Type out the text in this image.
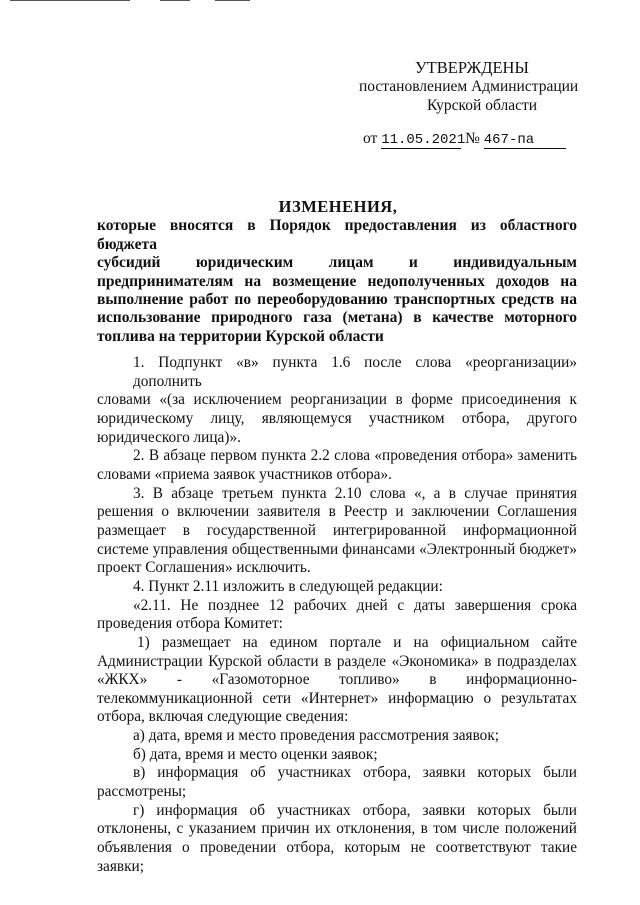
УТВЕРЖДЕНЫ
постановлением Администрации
Курской области
от 11.05.2021 № 467-па
ИЗМЕНЕНИЯ,
которые вносятся в Порядок предоставления из областного бюджета
субсидий юридическим лицам и индивидуальным
предпринимателям на возмещение недополученных доходов на
выполнение работ по переоборудованию транспортных средств на
использование природного газа (метана) в качестве моторного
топлива на территории Курской области
1. Подпункт «в» пункта 1.6 после слова «реорганизации» дополнить
словами «(за исключением реорганизации в форме присоединения к
юридическому лицу, являющемуся участником отбора, другого
юридического лица)».
2. В абзаце первом пункта 2.2 слова «проведения отбора» заменить
словами «приема заявок участников отбора».
3. В абзаце третьем пункта 2.10 слова «, а в случае принятия
решения о включении заявителя в Реестр и заключении Соглашения
размещает в государственной интегрированной информационной
системе управления общественными финансами «Электронный бюджет»
проект Соглашения» исключить.
4. Пункт 2.11 изложить в следующей редакции:
«2.11. Не позднее 12 рабочих дней с даты завершения срока
проведения отбора Комитет:
1) размещает на едином портале и на официальном сайте
Администрации Курской области в разделе «Экономика» в подразделах
«ЖКХ» - «Газомоторное топливо» в информационно-
телекоммуникационной сети «Интернет» информацию о результатах
отбора, включая следующие сведения:
а) дата, время и место проведения рассмотрения заявок;
б) дата, время и место оценки заявок;
в) информация об участниках отбора, заявки которых были
рассмотрены;
г) информация об участниках отбора, заявки которых были
отклонены, с указанием причин их отклонения, в том числе положений
объявления о проведении отбора, которым не соответствуют такие
заявки;
